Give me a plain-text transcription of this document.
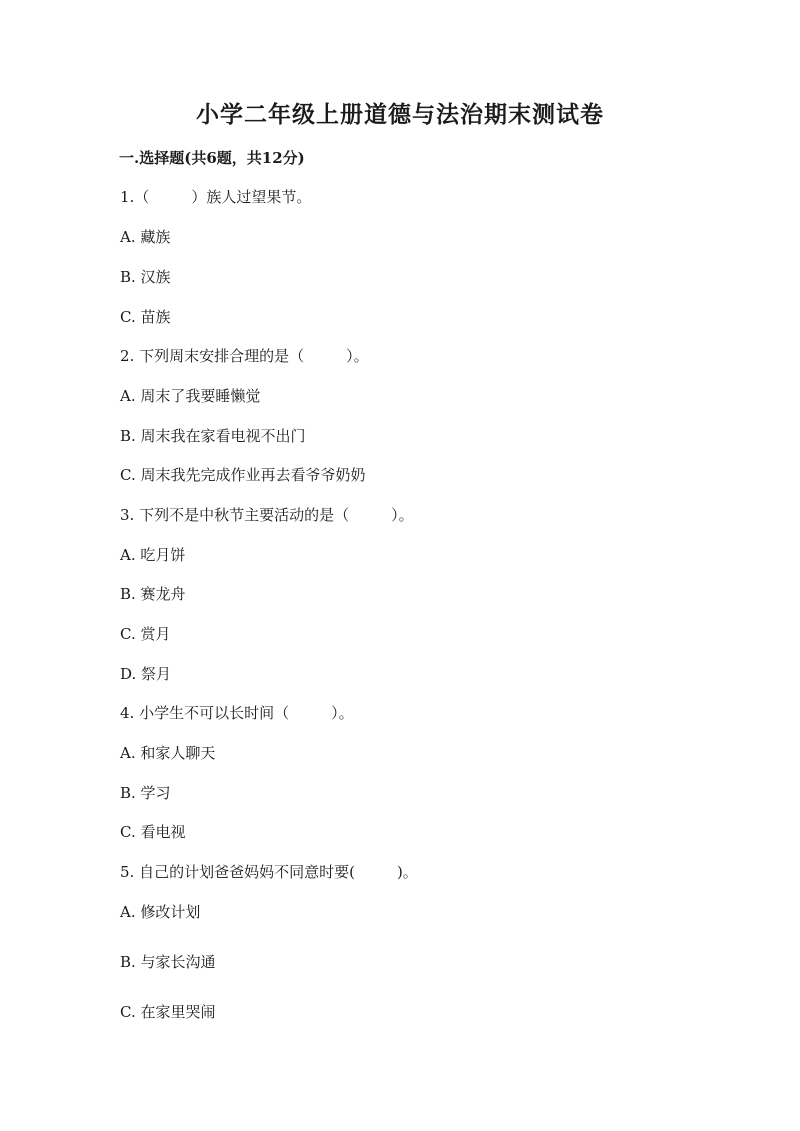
小学二年级上册道德与法治期末测试卷
一.选择题(共6题，共12分)
1.（	）族人过望果节。
A. 藏族
B. 汉族
C. 苗族
2. 下列周末安排合理的是（	）。
A. 周末了我要睡懒觉
B. 周末我在家看电视不出门
C. 周末我先完成作业再去看爷爷奶奶
3. 下列不是中秋节主要活动的是（	）。
A. 吃月饼
B. 赛龙舟
C. 赏月
D. 祭月
4. 小学生不可以长时间（	）。
A. 和家人聊天
B. 学习
C. 看电视
5. 自己的计划爸爸妈妈不同意时要(	)。
A. 修改计划
B. 与家长沟通
C. 在家里哭闹
